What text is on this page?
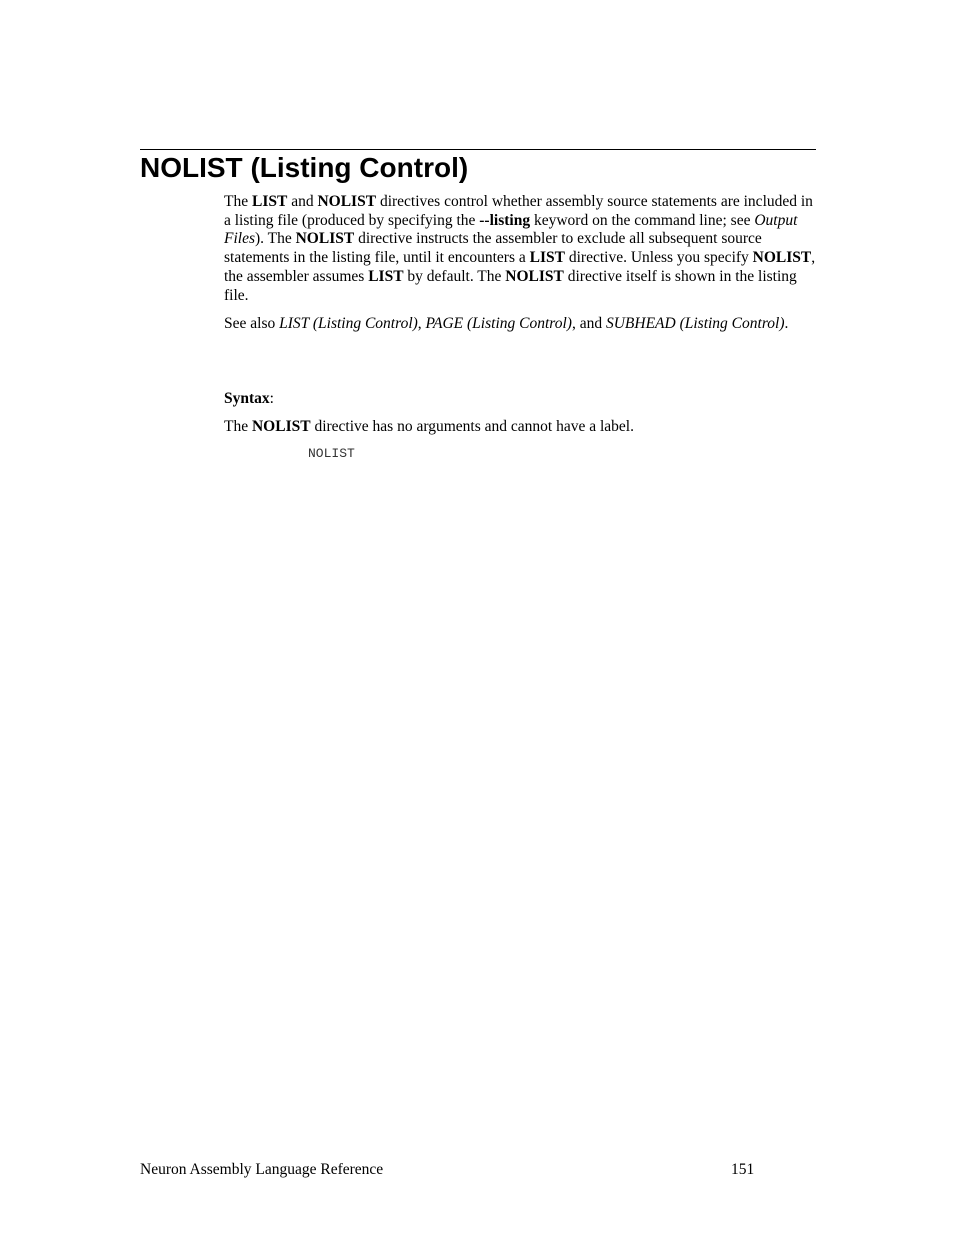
NOLIST (Listing Control)

The LIST and NOLIST directives control whether assembly source statements are included in a listing file (produced by specifying the --listing keyword on the command line; see Output Files). The NOLIST directive instructs the assembler to exclude all subsequent source statements in the listing file, until it encounters a LIST directive. Unless you specify NOLIST, the assembler assumes LIST by default. The NOLIST directive itself is shown in the listing file.

See also LIST (Listing Control), PAGE (Listing Control), and SUBHEAD (Listing Control).

Syntax:

The NOLIST directive has no arguments and cannot have a label.

NOLIST
Neuron Assembly Language Reference	151
